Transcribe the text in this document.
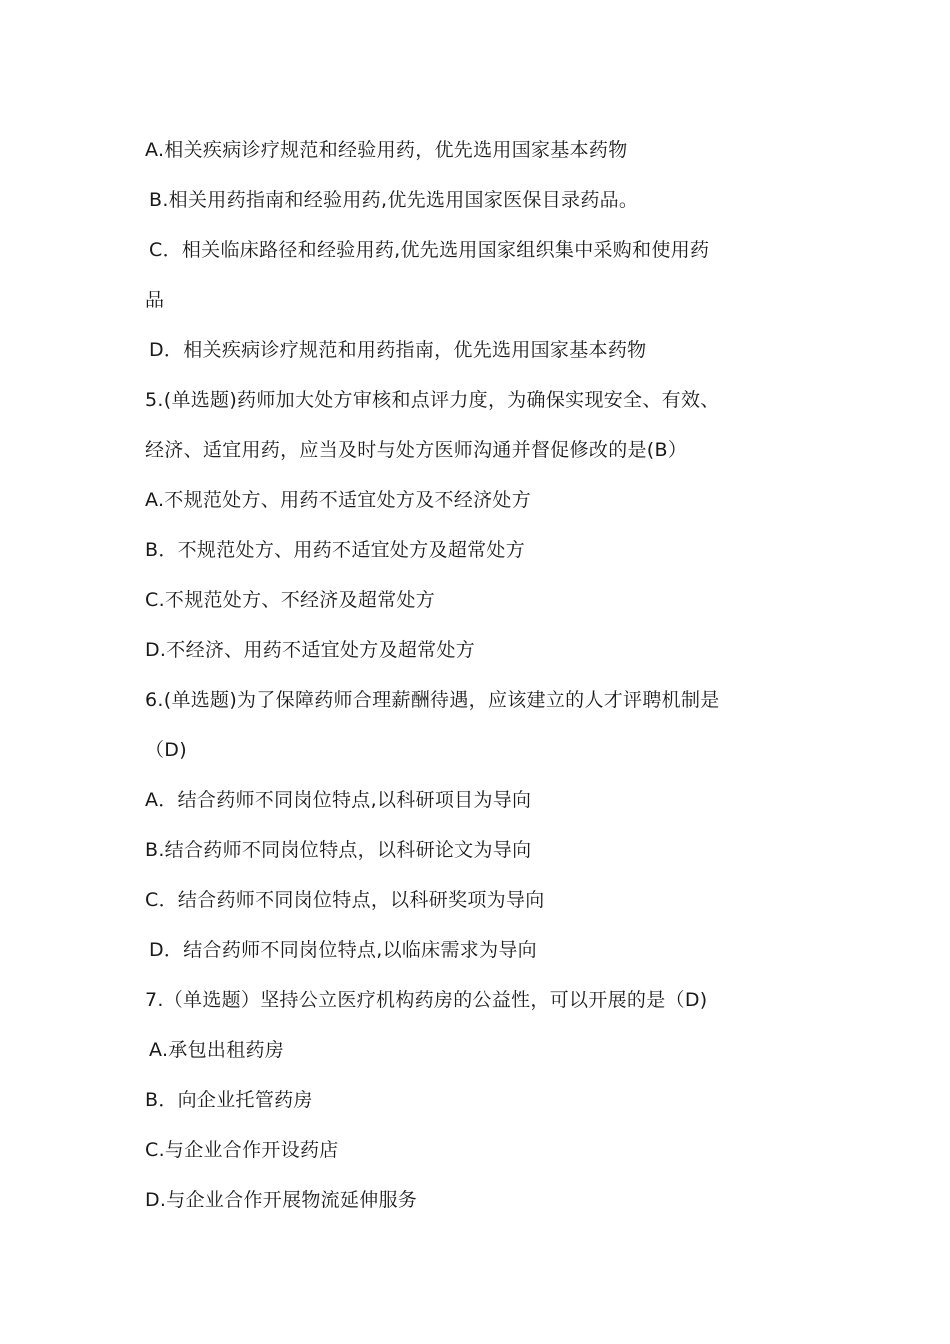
A.相关疾病诊疗规范和经验用药，优先选用国家基本药物
B.相关用药指南和经验用药,优先选用国家医保目录药品。
C．相关临床路径和经验用药,优先选用国家组织集中采购和使用药
品
D．相关疾病诊疗规范和用药指南，优先选用国家基本药物
5.(单选题)药师加大处方审核和点评力度，为确保实现安全、有效、
经济、适宜用药，应当及时与处方医师沟通并督促修改的是(B）
A.不规范处方、用药不适宜处方及不经济处方
B．不规范处方、用药不适宜处方及超常处方
C.不规范处方、不经济及超常处方
D.不经济、用药不适宜处方及超常处方
6.(单选题)为了保障药师合理薪酬待遇，应该建立的人才评聘机制是
（D)
A．结合药师不同岗位特点,以科研项目为导向
B.结合药师不同岗位特点，以科研论文为导向
C．结合药师不同岗位特点，以科研奖项为导向
D．结合药师不同岗位特点,以临床需求为导向
7.（单选题）坚持公立医疗机构药房的公益性，可以开展的是（D)
A.承包出租药房
B．向企业托管药房
C.与企业合作开设药店
D.与企业合作开展物流延伸服务
